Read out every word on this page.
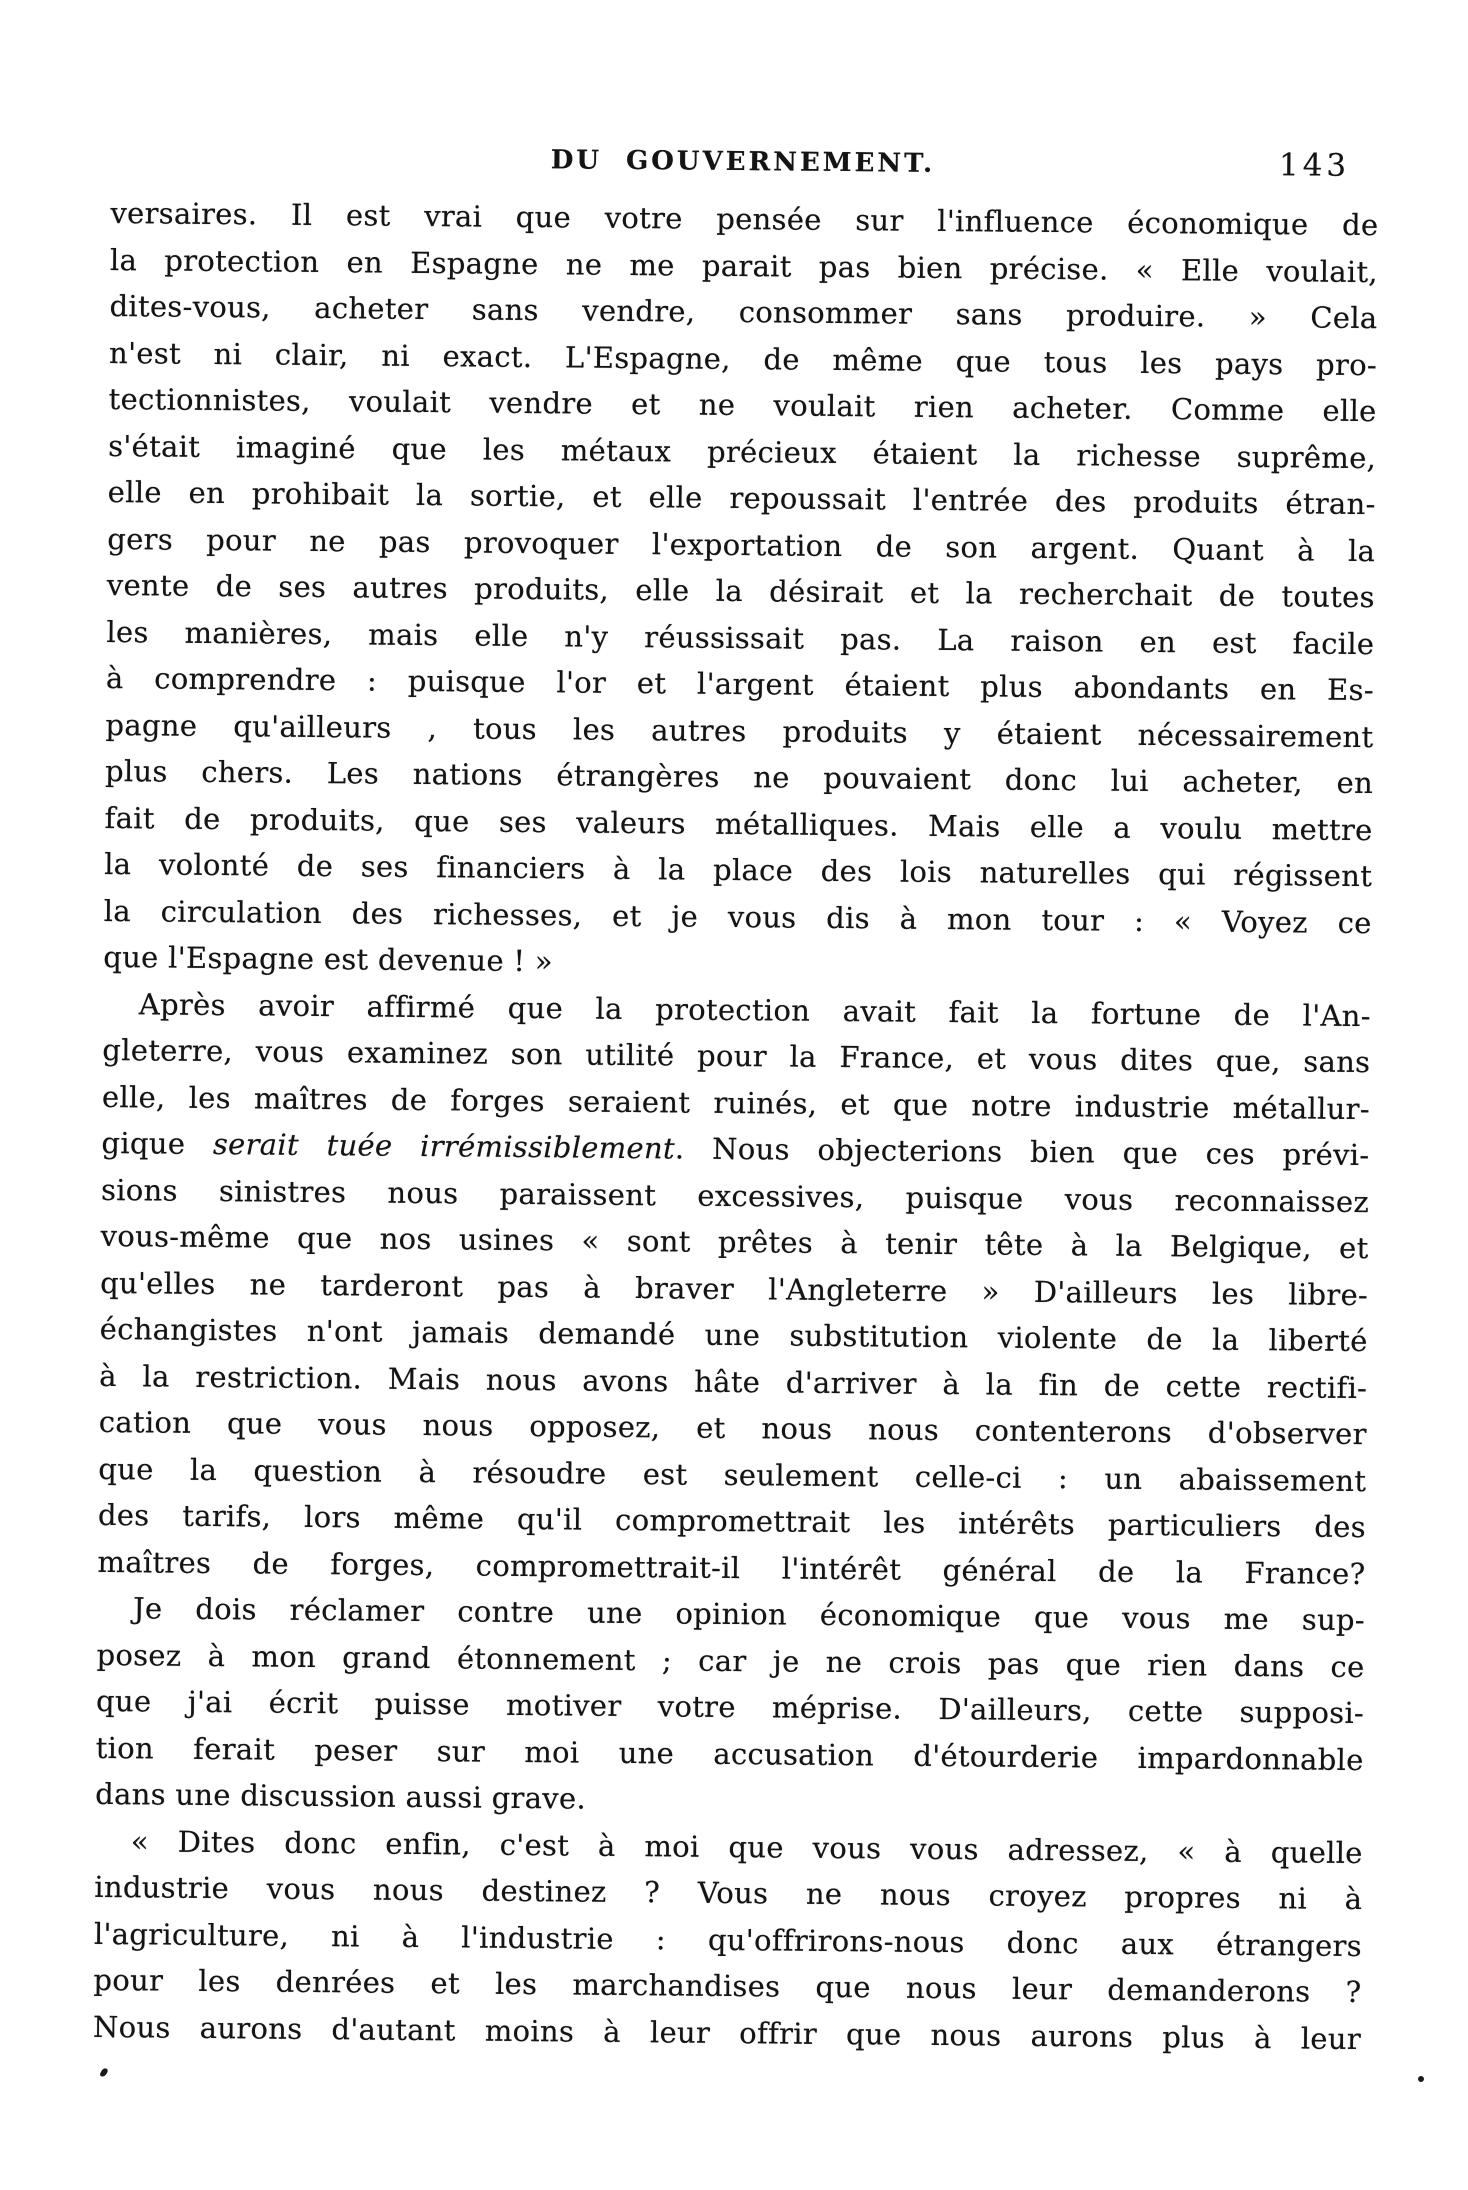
DU GOUVERNEMENT.	143
versaires. Il est vrai que votre pensée sur l'influence économique de
la protection en Espagne ne me parait pas bien précise. « Elle voulait,
dites-vous, acheter sans vendre, consommer sans produire. » Cela
n'est ni clair, ni exact. L'Espagne, de même que tous les pays pro-
tectionnistes, voulait vendre et ne voulait rien acheter. Comme elle
s'était imaginé que les métaux précieux étaient la richesse suprême,
elle en prohibait la sortie, et elle repoussait l'entrée des produits étran-
gers pour ne pas provoquer l'exportation de son argent. Quant à la
vente de ses autres produits, elle la désirait et la recherchait de toutes
les manières, mais elle n'y réussissait pas. La raison en est facile
à comprendre : puisque l'or et l'argent étaient plus abondants en Es-
pagne qu'ailleurs , tous les autres produits y étaient nécessairement
plus chers. Les nations étrangères ne pouvaient donc lui acheter, en
fait de produits, que ses valeurs métalliques. Mais elle a voulu mettre
la volonté de ses financiers à la place des lois naturelles qui régissent
la circulation des richesses, et je vous dis à mon tour : « Voyez ce
que l'Espagne est devenue ! »
Après avoir affirmé que la protection avait fait la fortune de l'An-
gleterre, vous examinez son utilité pour la France, et vous dites que, sans
elle, les maîtres de forges seraient ruinés, et que notre industrie métallur-
gique serait tuée irrémissiblement. Nous objecterions bien que ces prévi-
sions sinistres nous paraissent excessives, puisque vous reconnaissez
vous-même que nos usines « sont prêtes à tenir tête à la Belgique, et
qu'elles ne tarderont pas à braver l'Angleterre » D'ailleurs les libre-
échangistes n'ont jamais demandé une substitution violente de la liberté
à la restriction. Mais nous avons hâte d'arriver à la fin de cette rectifi-
cation que vous nous opposez, et nous nous contenterons d'observer
que la question à résoudre est seulement celle-ci : un abaissement
des tarifs, lors même qu'il compromettrait les intérêts particuliers des
maîtres de forges, compromettrait-il l'intérêt général de la France?
Je dois réclamer contre une opinion économique que vous me sup-
posez à mon grand étonnement ; car je ne crois pas que rien dans ce
que j'ai écrit puisse motiver votre méprise. D'ailleurs, cette supposi-
tion ferait peser sur moi une accusation d'étourderie impardonnable
dans une discussion aussi grave.
« Dites donc enfin, c'est à moi que vous vous adressez, « à quelle
industrie vous nous destinez ? Vous ne nous croyez propres ni à
l'agriculture, ni à l'industrie : qu'offrirons-nous donc aux étrangers
pour les denrées et les marchandises que nous leur demanderons ?
Nous aurons d'autant moins à leur offrir que nous aurons plus à leur
